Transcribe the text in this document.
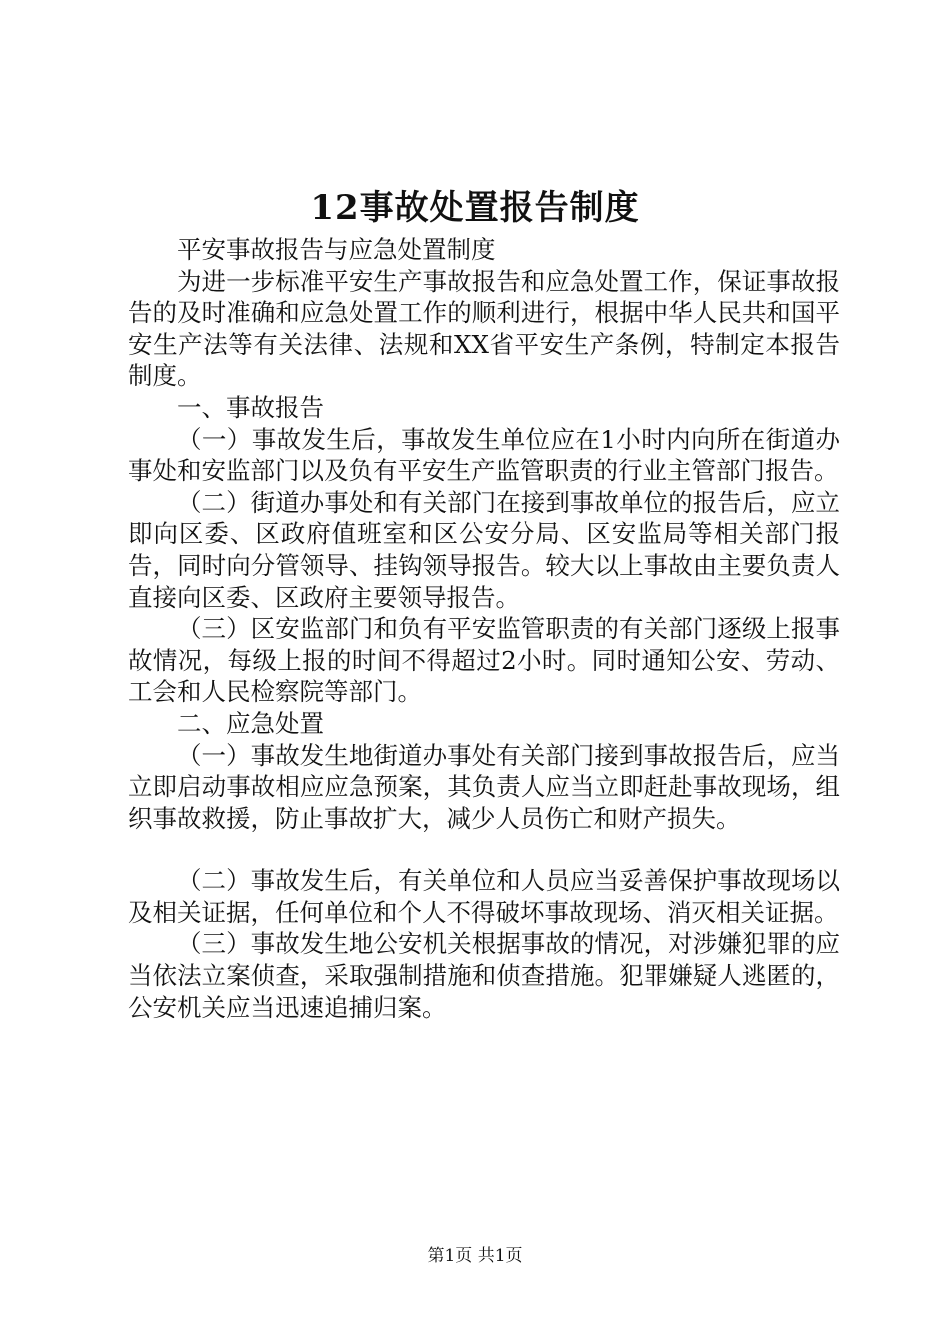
12事故处置报告制度

平安事故报告与应急处置制度

为进一步标准平安生产事故报告和应急处置工作，保证事故报告的及时准确和应急处置工作的顺利进行，根据中华人民共和国平安生产法等有关法律、法规和XX省平安生产条例，特制定本报告制度。

一、事故报告

（一）事故发生后，事故发生单位应在1小时内向所在街道办事处和安监部门以及负有平安生产监管职责的行业主管部门报告。

（二）街道办事处和有关部门在接到事故单位的报告后，应立即向区委、区政府值班室和区公安分局、区安监局等相关部门报告，同时向分管领导、挂钩领导报告。较大以上事故由主要负责人直接向区委、区政府主要领导报告。

（三）区安监部门和负有平安监管职责的有关部门逐级上报事故情况，每级上报的时间不得超过2小时。同时通知公安、劳动、工会和人民检察院等部门。

二、应急处置

（一）事故发生地街道办事处有关部门接到事故报告后，应当立即启动事故相应应急预案，其负责人应当立即赶赴事故现场，组织事故救援，防止事故扩大，减少人员伤亡和财产损失。

（二）事故发生后，有关单位和人员应当妥善保护事故现场以及相关证据，任何单位和个人不得破坏事故现场、消灭相关证据。

（三）事故发生地公安机关根据事故的情况，对涉嫌犯罪的应当依法立案侦查，采取强制措施和侦查措施。犯罪嫌疑人逃匿的，公安机关应当迅速追捕归案。

第1页 共1页
